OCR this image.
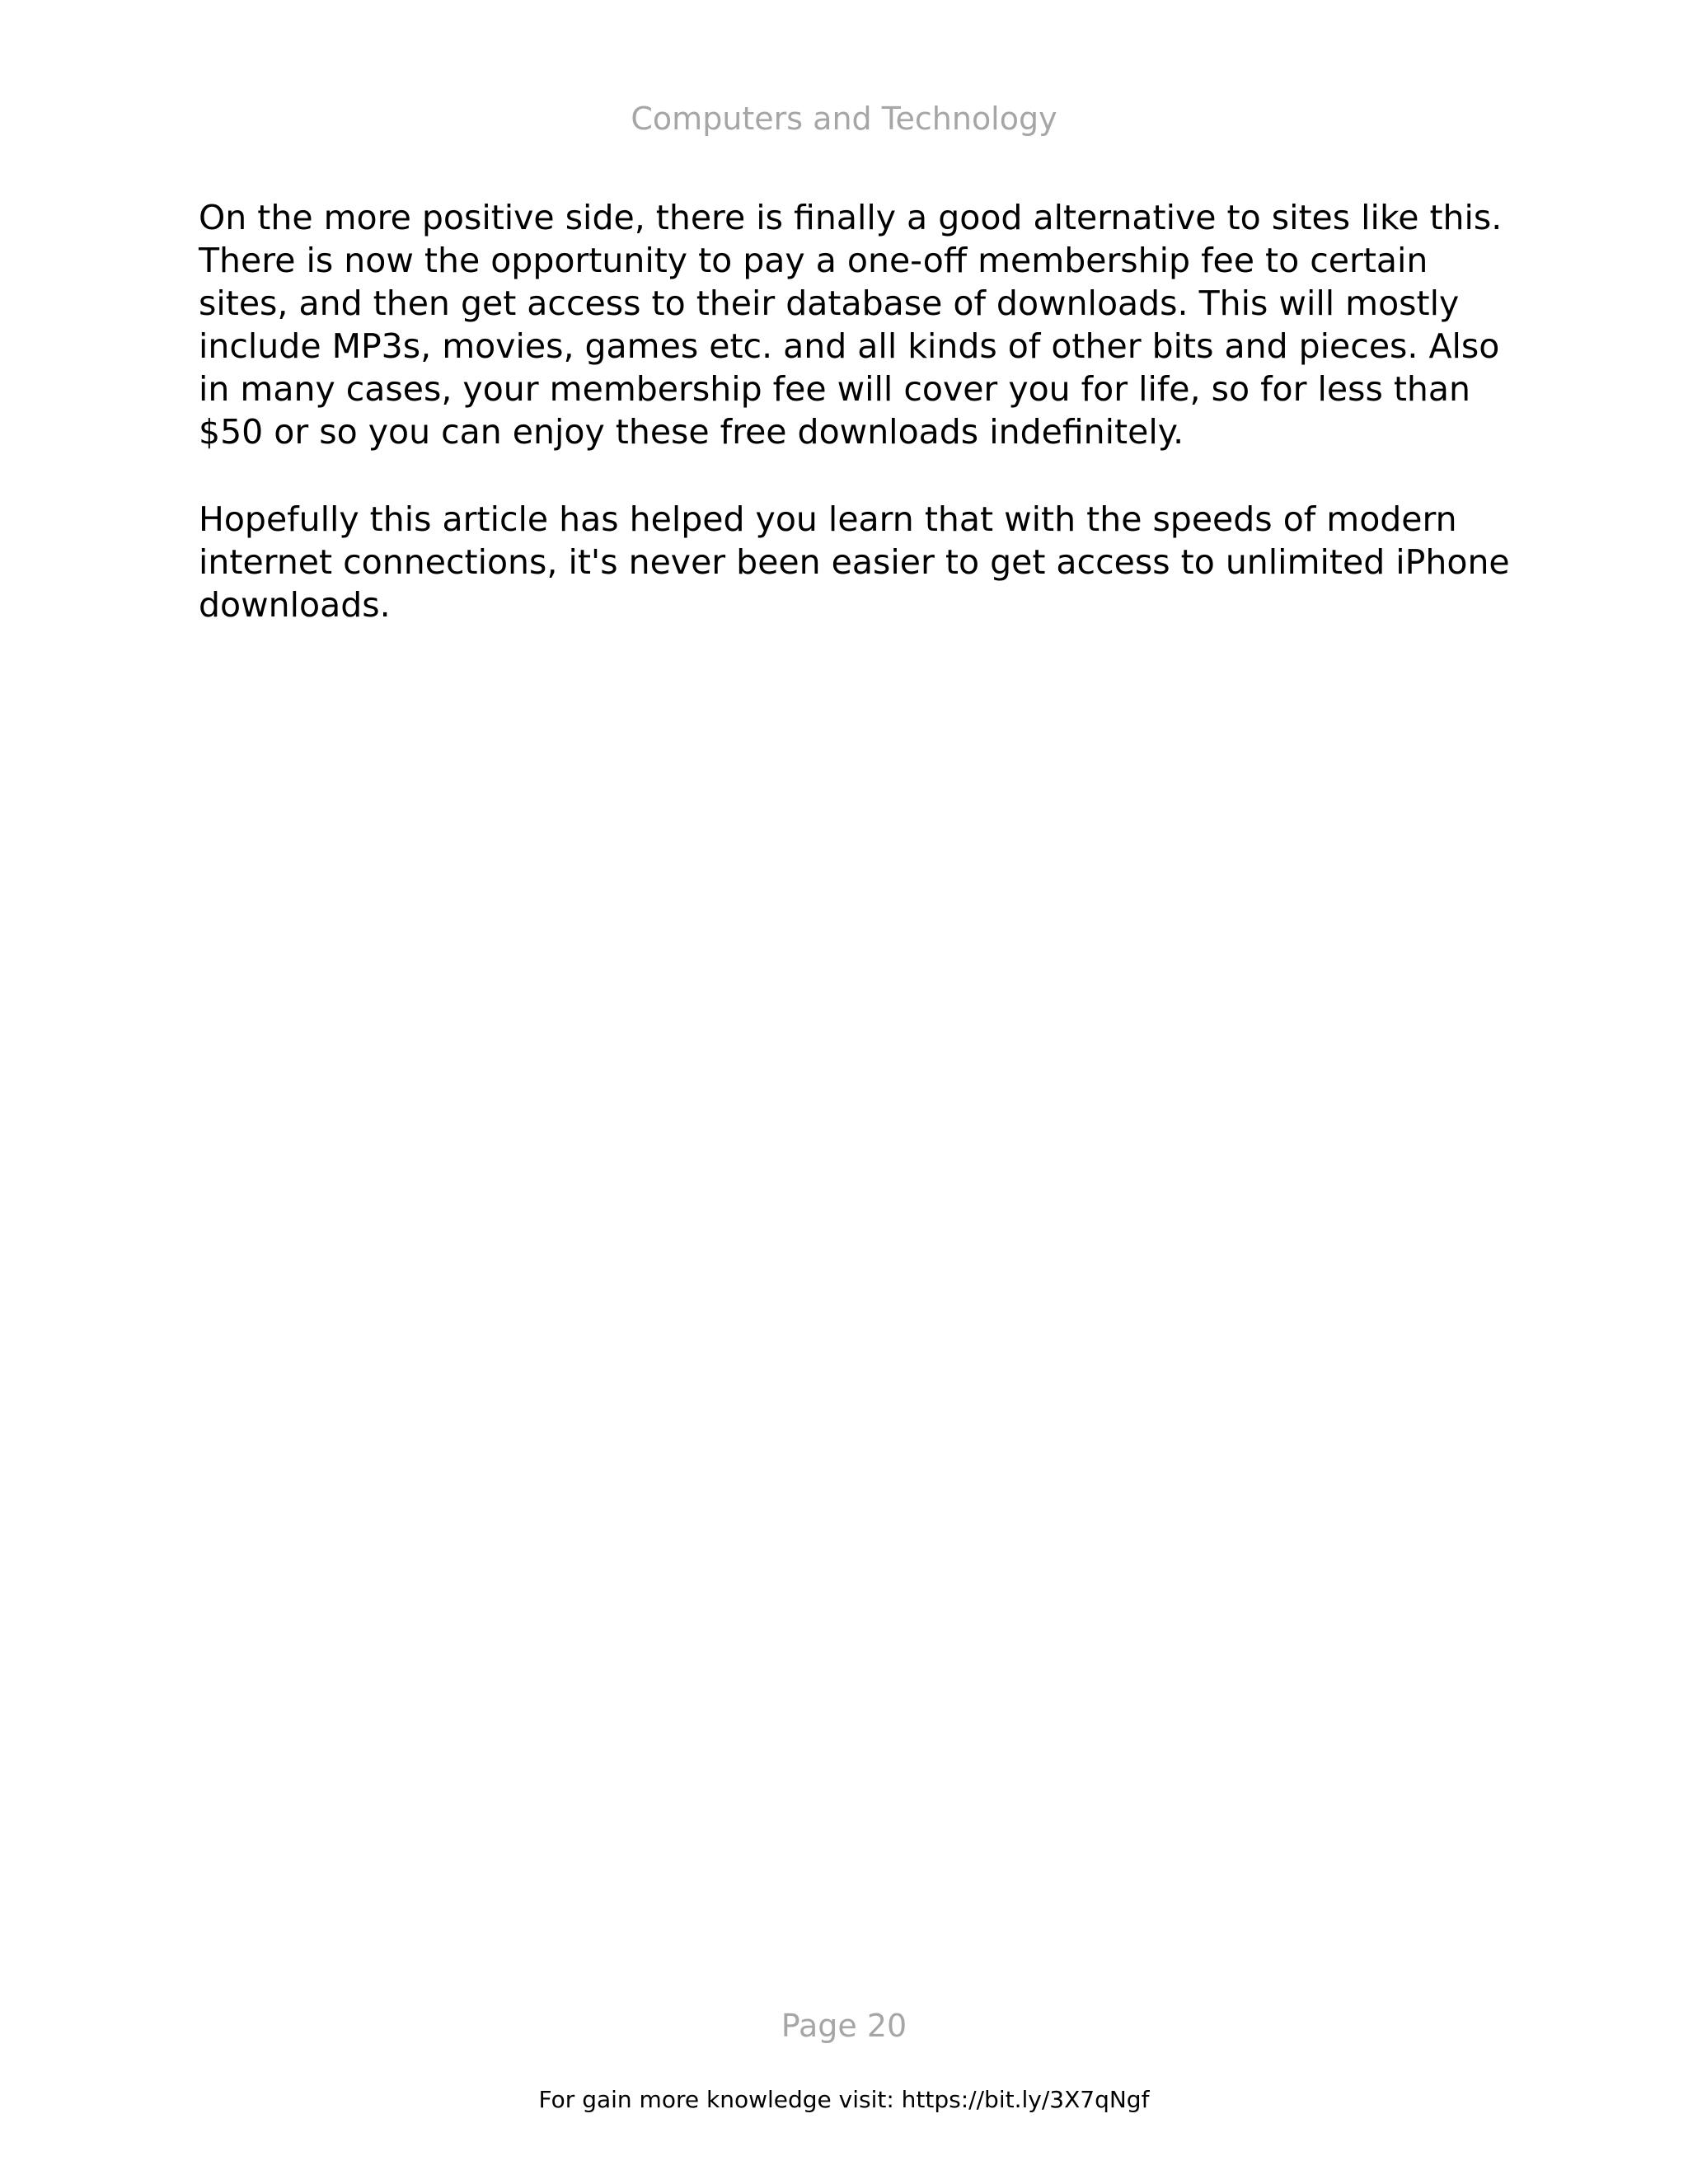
Computers and Technology

On the more positive side, there is finally a good alternative to sites like this.
There is now the opportunity to pay a one-off membership fee to certain
sites, and then get access to their database of downloads. This will mostly
include MP3s, movies, games etc. and all kinds of other bits and pieces. Also
in many cases, your membership fee will cover you for life, so for less than
$50 or so you can enjoy these free downloads indefinitely.

Hopefully this article has helped you learn that with the speeds of modern
internet connections, it's never been easier to get access to unlimited iPhone
downloads.

Page 20
For gain more knowledge visit: https://bit.ly/3X7qNgf
